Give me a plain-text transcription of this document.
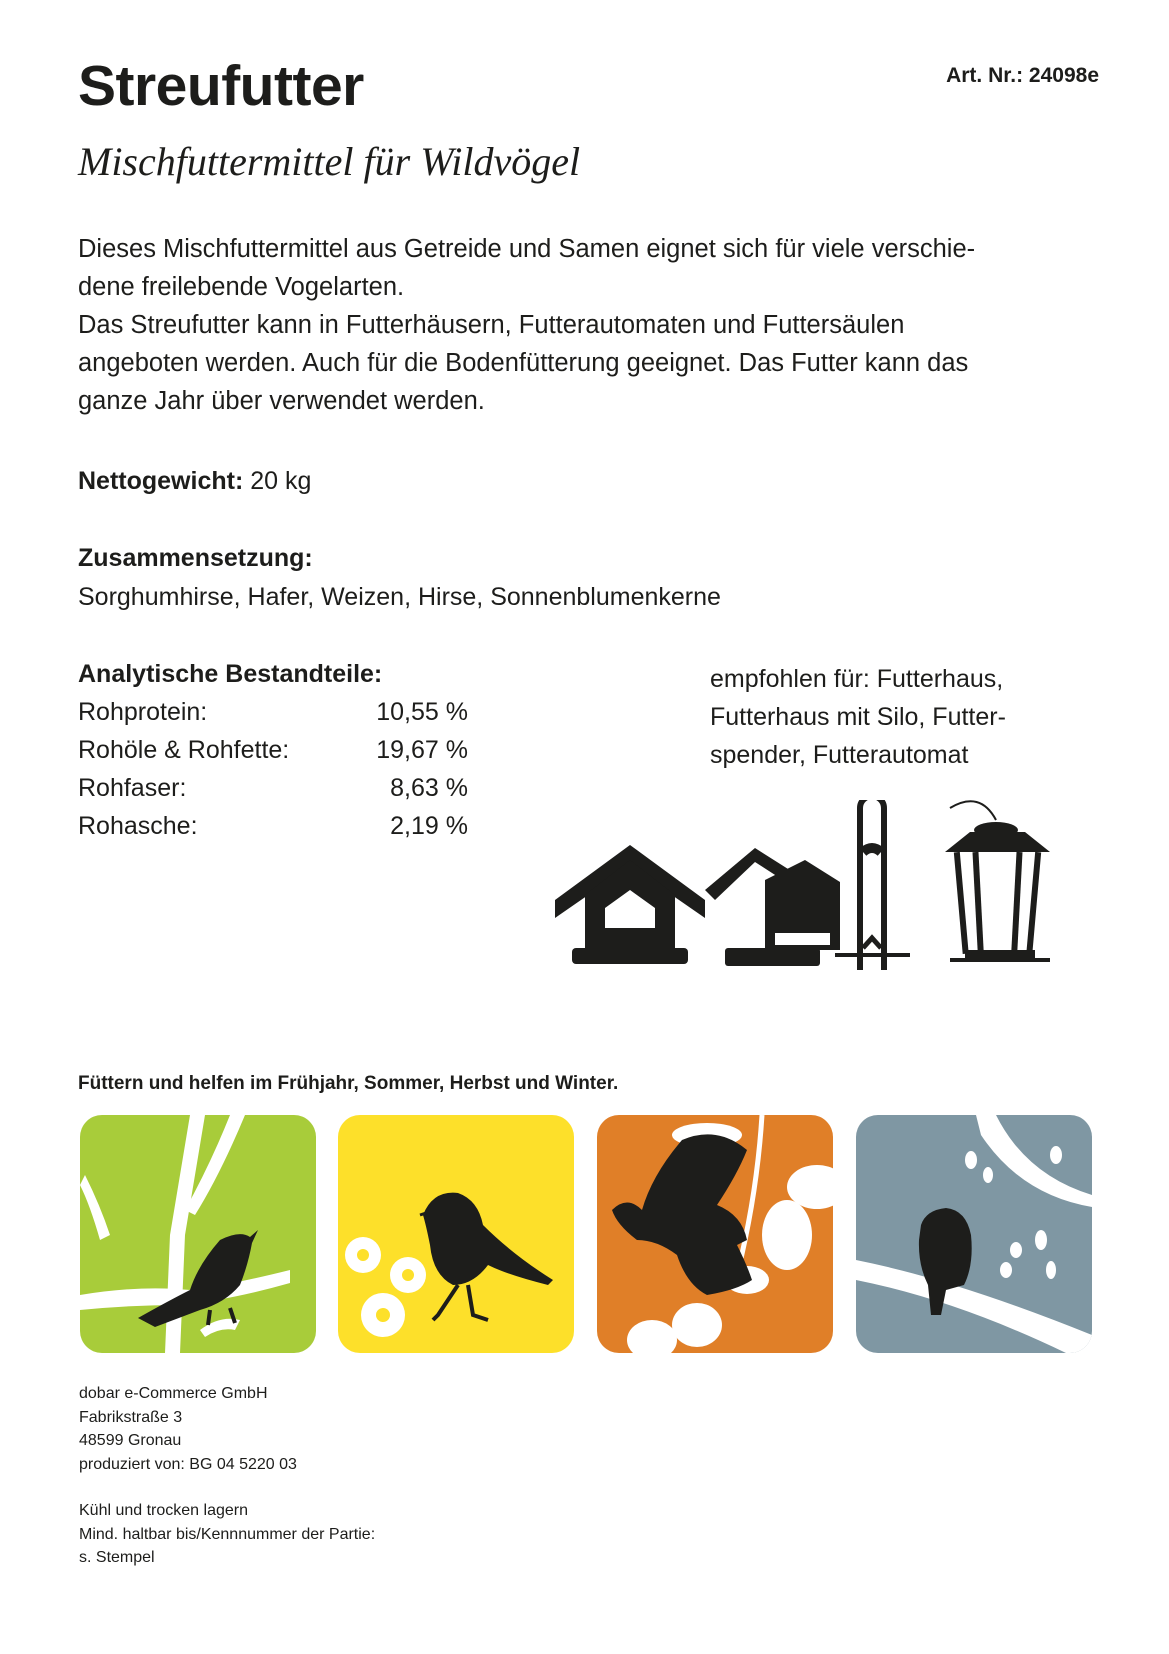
Streufutter	Art. Nr.: 24098e
Mischfuttermittel für Wildvögel

Dieses Mischfuttermittel aus Getreide und Samen eignet sich für viele verschie-

dene freilebende Vogelarten.

Das Streufutter kann in Futterhäusern, Futterautomaten und Futtersäulen

angeboten werden. Auch für die Bodenfütterung geeignet. Das Futter kann das

ganze Jahr über verwendet werden.

Nettogewicht: 20 kg
Zusammensetzung:
Sorghumhirse, Hafer, Weizen, Hirse, Sonnenblumenkerne
Analytische Bestandteile:
Rohprotein:	10,55 %
Rohöle & Rohfette:	19,67 %
Rohfaser:	8,63 %
Rohasche:	2,19 %
empfohlen für: Futterhaus,
Futterhaus mit Silo, Futter-
spender, Futterautomat
Füttern und helfen im Frühjahr, Sommer, Herbst und Winter.
dobar e-Commerce GmbH
Fabrikstraße 3
48599 Gronau
produziert von: BG 04 5220 03
Kühl und trocken lagern
Mind. haltbar bis/Kennnummer der Partie:
s. Stempel
